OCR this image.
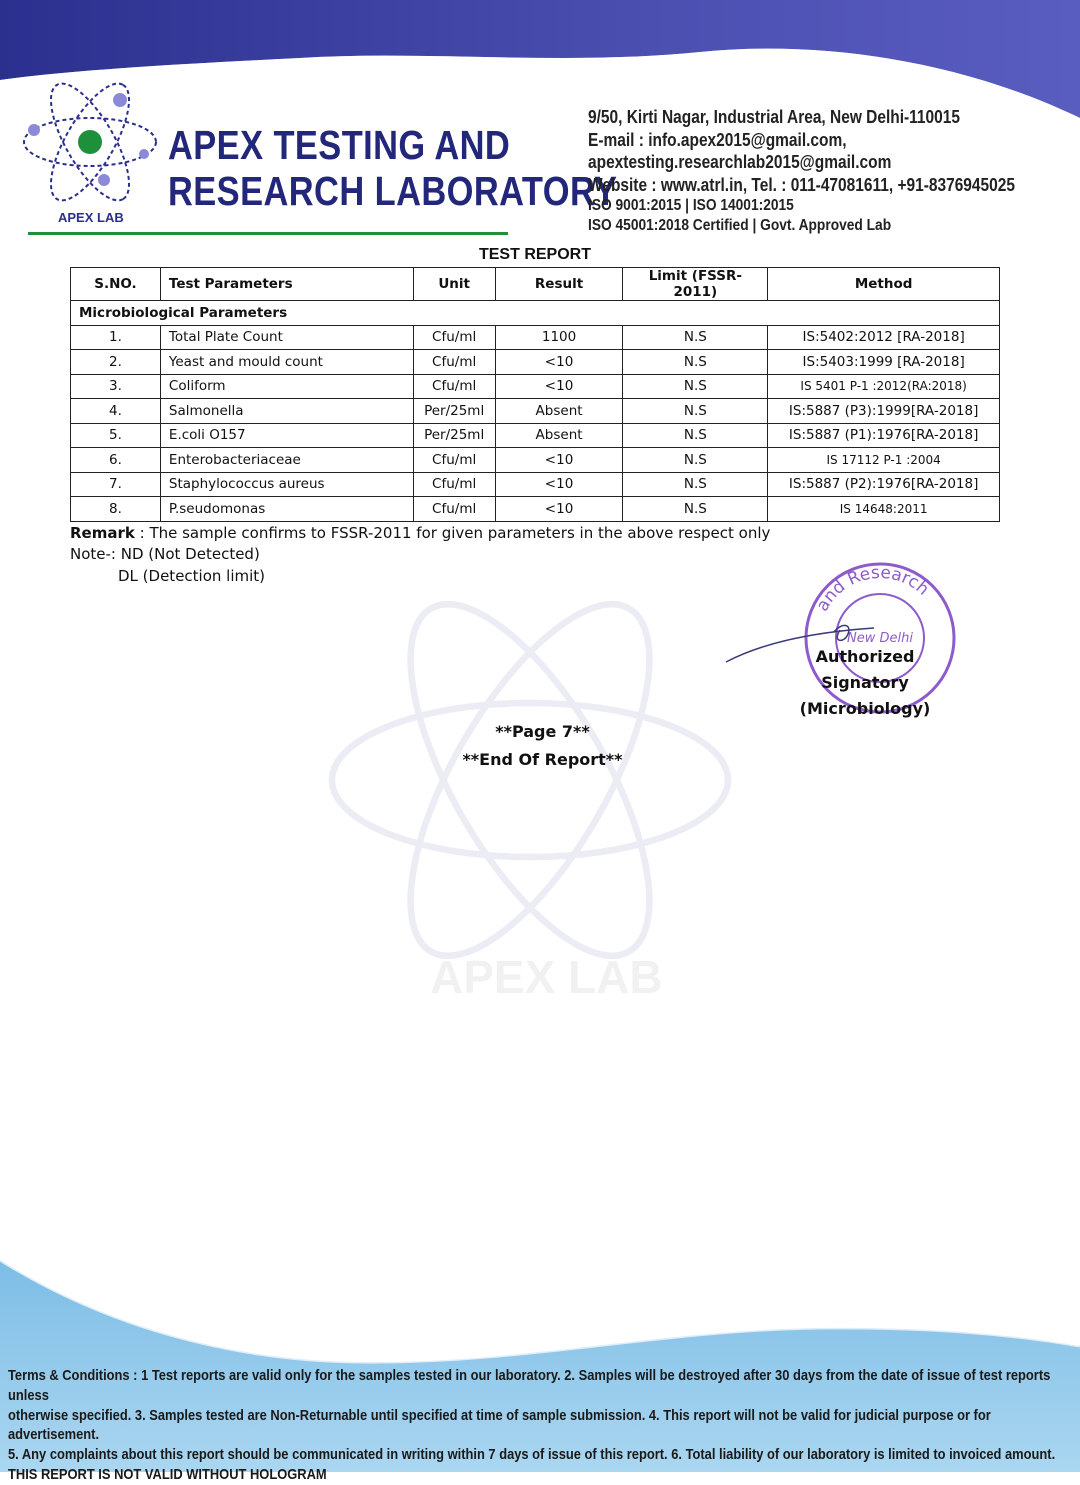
APEX LAB
APEX LAB
APEX TESTING AND
RESEARCH LABORATORY
9/50, Kirti Nagar, Industrial Area, New Delhi-110015
E-mail : info.apex2015@gmail.com,
apextesting.researchlab2015@gmail.com
Website : www.atrl.in, Tel. : 011-47081611, +91-8376945025
ISO 9001:2015 | ISO 14001:2015
ISO 45001:2018 Certified | Govt. Approved Lab
TEST REPORT
S.NO.	Test Parameters	Unit	Result	Limit (FSSR-2011)	Method
Microbiological Parameters					
1.	Total Plate Count	Cfu/ml	1100	N.S	IS:5402:2012 [RA-2018]
2.	Yeast and mould count	Cfu/ml	<10	N.S	IS:5403:1999 [RA-2018]
3.	Coliform	Cfu/ml	<10	N.S	IS 5401 P-1 :2012(RA:2018)
4.	Salmonella	Per/25ml	Absent	N.S	IS:5887 (P3):1999[RA-2018]
5.	E.coli O157	Per/25ml	Absent	N.S	IS:5887 (P1):1976[RA-2018]
6.	Enterobacteriaceae	Cfu/ml	<10	N.S	IS 17112 P-1 :2004
7.	Staphylococcus aureus	Cfu/ml	<10	N.S	IS:5887 (P2):1976[RA-2018]
8.	P.seudomonas	Cfu/ml	<10	N.S	IS 14648:2011
Remark : The sample confirms to FSSR-2011 for given parameters in the above respect only
Note-: ND (Not Detected)
DL (Detection limit)
and Research
New Delhi
Authorized Signatory
(Microbiology)
**Page 7**
**End Of Report**
Terms & Conditions : 1 Test reports are valid only for the samples tested in our laboratory. 2. Samples will be destroyed after 30 days from the date of issue of test reports unless
otherwise specified. 3. Samples tested are Non-Returnable until specified at time of sample submission. 4. This report will not be valid for judicial purpose or for advertisement.
5. Any complaints about this report should be communicated in writing within 7 days of issue of this report. 6. Total liability of our laboratory is limited to invoiced amount.
THIS REPORT IS NOT VALID WITHOUT HOLOGRAM
